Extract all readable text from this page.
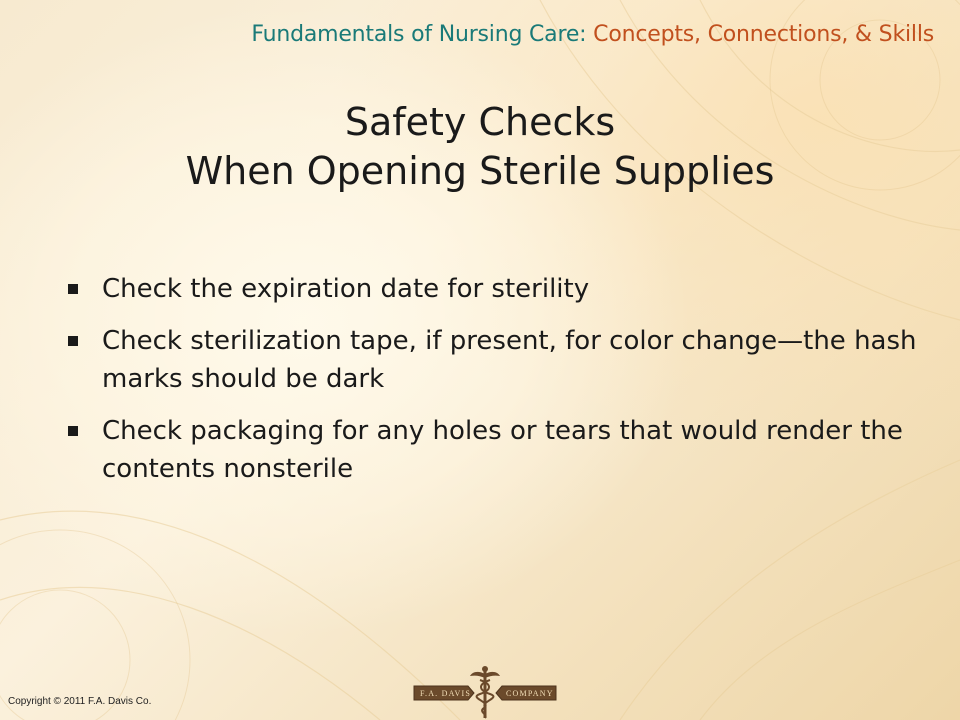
Fundamentals of Nursing Care: Concepts, Connections, & Skills
Safety Checks
When Opening Sterile Supplies
Check the expiration date for sterility
Check sterilization tape, if present, for color change—the hash marks should be dark
Check packaging for any holes or tears that would render the contents nonsterile
Copyright © 2011 F.A. Davis Co.
F.A. DAVIS	COMPANY
